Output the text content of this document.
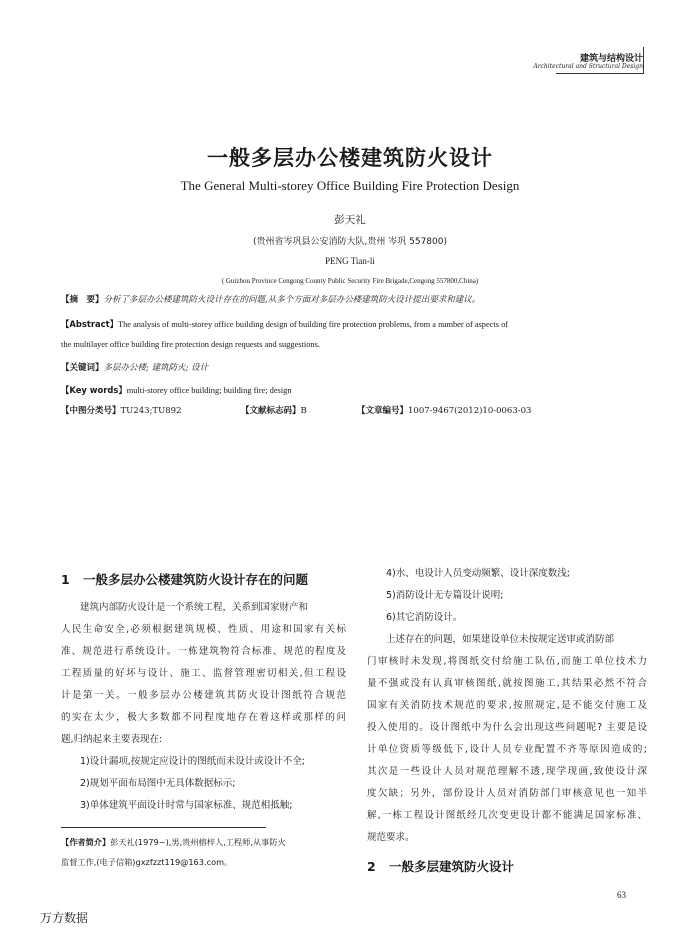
建筑与结构设计
Architectural and Structural Design
一般多层办公楼建筑防火设计
The General Multi-storey Office Building Fire Protection Design
彭天礼
(贵州省岑巩县公安消防大队,贵州 岑巩 557800)
PENG Tian-li
( Guizhou Province Cengong County Public Security Fire Brigade,Cengong 557800,China)
【摘　要】分析了多层办公楼建筑防火设计存在的问题,从多个方面对多层办公楼建筑防火设计提出要求和建议。
【Abstract】The analysis of multi-storey office building design of building fire protection problems, from a number of aspects of
the multilayer office building fire protection design requests and suggestions.
【关键词】多层办公楼; 建筑防火; 设计
【Key words】multi-storey office building; building fire; design
【中图分类号】TU243;TU892	【文献标志码】B	【文章编号】1007-9467(2012)10-0063-03
1 一般多层办公楼建筑防火设计存在的问题
建筑内部防火设计是一个系统工程，关系到国家财产和
人民生命安全,必须根据建筑规模、性质、用途和国家有关标
准、规范进行系统设计。一栋建筑物符合标准、规范的程度及
工程质量的好坏与设计、施工、监督管理密切相关,但工程设
计是第一关。一般多层办公楼建筑其防火设计图纸符合规范
的实在太少，极大多数都不同程度地存在着这样或那样的问
题,归纳起来主要表现在:
1)设计漏项,按规定应设计的图纸而未设计或设计不全;
2)规划平面布局图中无具体数据标示;
3)单体建筑平面设计时常与国家标准、规范相抵触;
【作者简介】彭天礼(1979~),男,贵州榕梓人,工程师,从事防火
监督工作,(电子信箱)gxzfzzt119@163.com。
4)水、电设计人员变动频繁、设计深度数浅;
5)消防设计无专篇设计说明;
6)其它消防设计。
上述存在的问题，如果建设单位未按规定送审或消防部
门审核时未发现,将图纸交付给施工队伍,而施工单位技术力
量不强或没有认真审核图纸,就按图施工,其结果必然不符合
国家有关消防技术规范的要求,按照规定,是不能交付施工及
投入使用的。设计图纸中为什么会出现这些问题呢? 主要是设
计单位资质等级低下,设计人员专业配置不齐等原因造成的;
其次是一些设计人员对规范理解不透,现学现画,致使设计深
度欠缺；另外，部份设计人员对消防部门审核意见也一知半
解,一栋工程设计图纸经几次变更设计都不能满足国家标准、
规范要求。
2 一般多层建筑防火设计
63
万方数据
